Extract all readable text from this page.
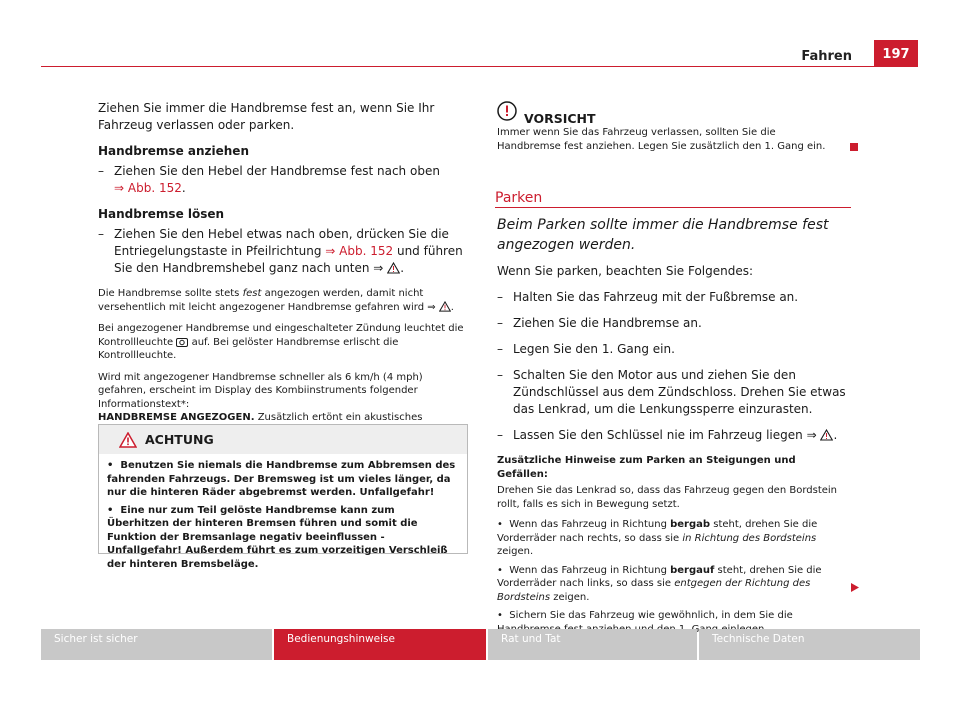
Fahren	197

Ziehen Sie immer die Handbremse fest an, wenn Sie Ihr Fahrzeug verlassen oder parken.

Handbremse anziehen

– Ziehen Sie den Hebel der Handbremse fest nach oben
⇒ Abb. 152.

Handbremse lösen

– Ziehen Sie den Hebel etwas nach oben, drücken Sie die Entriegelungstaste in Pfeilrichtung ⇒ Abb. 152 und führen Sie den Handbremshebel ganz nach unten ⇒ .

Die Handbremse sollte stets fest angezogen werden, damit nicht versehentlich mit leicht angezogener Handbremse gefahren wird ⇒ .

Bei angezogener Handbremse und eingeschalteter Zündung leuchtet die Kontrollleuchte auf. Bei gelöster Handbremse erlischt die Kontrollleuchte.

Wird mit angezogener Handbremse schneller als 6 km/h (4 mph) gefahren, erscheint im Display des Kombiinstruments folgender Informationstext*:
HANDBREMSE ANGEZOGEN. Zusätzlich ertönt ein akustisches

ACHTUNG

•  Benutzen Sie niemals die Handbremse zum Abbremsen des fahrenden Fahrzeugs. Der Bremsweg ist um vieles länger, da nur die hinteren Räder abgebremst werden. Unfallgefahr!

•  Eine nur zum Teil gelöste Handbremse kann zum Überhitzen der hinteren Bremsen führen und somit die Funktion der Bremsanlage negativ beeinflussen - Unfallgefahr! Außerdem führt es zum vorzeitigen Verschleiß der hinteren Bremsbeläge.

VORSICHT
Immer wenn Sie das Fahrzeug verlassen, sollten Sie die Handbremse fest anziehen. Legen Sie zusätzlich den 1. Gang ein.
Parken

Beim Parken sollte immer die Handbremse fest angezogen werden.

Wenn Sie parken, beachten Sie Folgendes:

– Halten Sie das Fahrzeug mit der Fußbremse an.
– Ziehen Sie die Handbremse an.
– Legen Sie den 1. Gang ein.
– Schalten Sie den Motor aus und ziehen Sie den Zündschlüssel aus dem Zündschloss. Drehen Sie etwas das Lenkrad, um die Lenkungssperre einzurasten.
– Lassen Sie den Schlüssel nie im Fahrzeug liegen ⇒ .

Zusätzliche Hinweise zum Parken an Steigungen und Gefällen:

Drehen Sie das Lenkrad so, dass das Fahrzeug gegen den Bordstein rollt, falls es sich in Bewegung setzt.

•  Wenn das Fahrzeug in Richtung bergab steht, drehen Sie die Vorderräder nach rechts, so dass sie in Richtung des Bordsteins zeigen.

•  Wenn das Fahrzeug in Richtung bergauf steht, drehen Sie die Vorderräder nach links, so dass sie entgegen der Richtung des Bordsteins zeigen.

•  Sichern Sie das Fahrzeug wie gewöhnlich, in dem Sie die

Sicher ist sicher	Bedienungshinweise	Rat und Tat	Technische Daten
